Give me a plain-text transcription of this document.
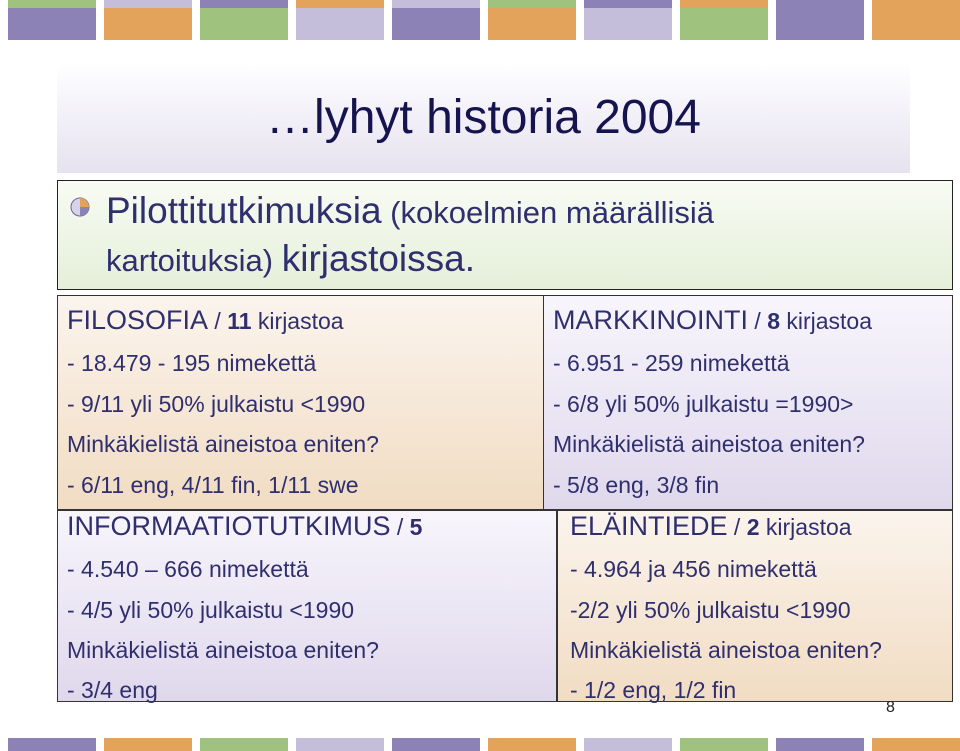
…lyhyt historia 2004
Pilottitutkimuksia (kokoelmien määrällisiä
kartoituksia) kirjastoissa.
FILOSOFIA / 11 kirjastoa
- 18.479 - 195 nimekettä
- 9/11 yli 50% julkaistu <1990
Minkäkielistä aineistoa eniten?
- 6/11 eng, 4/11 fin, 1/11 swe
MARKKINOINTI / 8 kirjastoa
- 6.951 - 259 nimekettä
- 6/8 yli 50% julkaistu =1990>
Minkäkielistä aineistoa eniten?
- 5/8 eng, 3/8 fin
INFORMAATIOTUTKIMUS / 5
- 4.540 – 666 nimekettä
- 4/5 yli 50% julkaistu <1990
Minkäkielistä aineistoa eniten?
- 3/4 eng
ELÄINTIEDE / 2 kirjastoa
- 4.964 ja 456 nimekettä
-2/2 yli 50% julkaistu <1990
Minkäkielistä aineistoa eniten?
- 1/2 eng, 1/2 fin
8
